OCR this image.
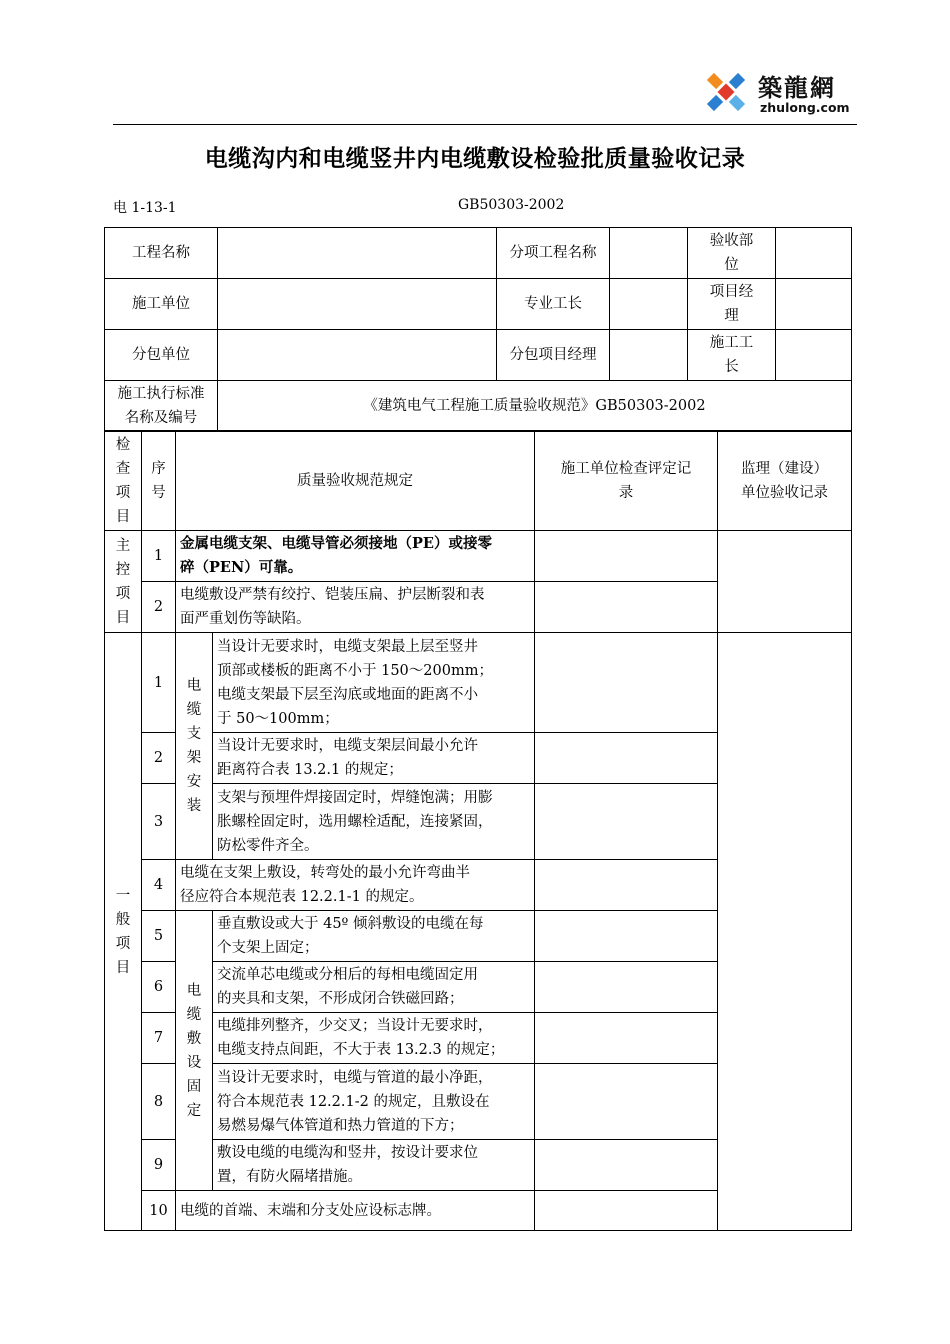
築龍網
zhulong.com
电缆沟内和电缆竖井内电缆敷设检验批质量验收记录
电 1-13-1	GB50303-2002
工程名称		分项工程名称		验收部
位	
施工单位		专业工长		项目经
理	
分包单位		分包项目经理		施工工
长	
施工执行标准
名称及编号	《建筑电气工程施工质量验收规范》GB50303-2002				
检查项目	序号	质量验收规范规定		施工单位检查评定记
录	监理（建设）
单位验收记录
主控项目	1	金属电缆支架、电缆导管必须接地（PE）或接零
碎（PEN）可靠。			
	2	电缆敷设严禁有绞拧、铠装压扁、护层断裂和表
面严重划伤等缺陷。			
一般项目	1	电缆支架安装	当设计无要求时，电缆支架最上层至竖井
顶部或楼板的距离不小于 150～200mm；
电缆支架最下层至沟底或地面的距离不小
于 50～100mm；		
	2		当设计无要求时，电缆支架层间最小允许
距离符合表 13.2.1 的规定；		
	3		支架与预埋件焊接固定时，焊缝饱满；用膨
胀螺栓固定时，选用螺栓适配，连接紧固，
防松零件齐全。		
	4	电缆在支架上敷设，转弯处的最小允许弯曲半
径应符合本规范表 12.2.1-1 的规定。			
	5	电缆敷设固定	垂直敷设或大于 45º 倾斜敷设的电缆在每
个支架上固定；		
	6		交流单芯电缆或分相后的每相电缆固定用
的夹具和支架，不形成闭合铁磁回路；		
	7		电缆排列整齐，少交叉；当设计无要求时，
电缆支持点间距，不大于表 13.2.3 的规定；		
	8		当设计无要求时，电缆与管道的最小净距，
符合本规范表 12.2.1-2 的规定，且敷设在
易燃易爆气体管道和热力管道的下方；		
	9		敷设电缆的电缆沟和竖井，按设计要求位
置，有防火隔堵措施。		
	10	电缆的首端、末端和分支处应设标志牌。			
